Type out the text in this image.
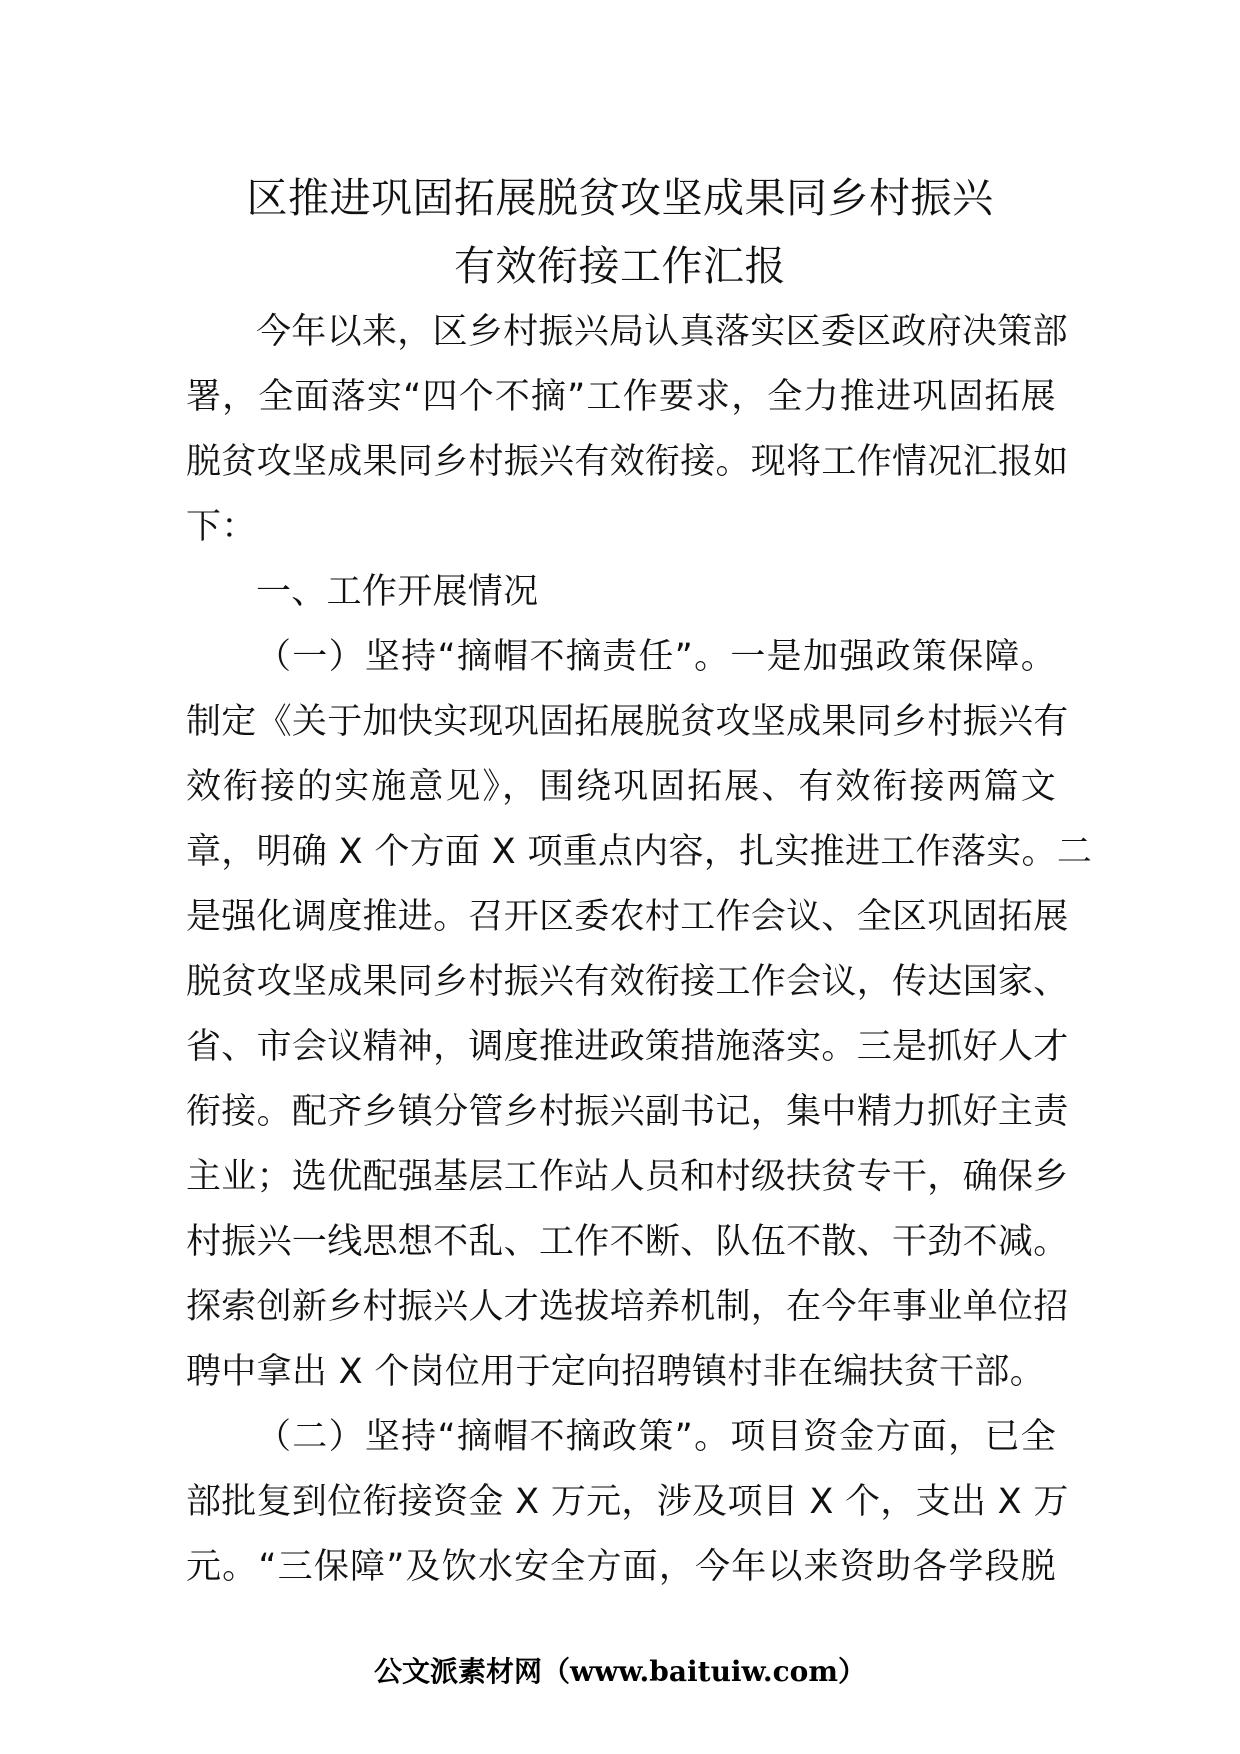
区推进巩固拓展脱贫攻坚成果同乡村振兴
有效衔接工作汇报
今年以来，区乡村振兴局认真落实区委区政府决策部
署，全面落实“四个不摘”工作要求，全力推进巩固拓展
脱贫攻坚成果同乡村振兴有效衔接。现将工作情况汇报如
下：
一、工作开展情况
（一）坚持“摘帽不摘责任”。一是加强政策保障。
制定《关于加快实现巩固拓展脱贫攻坚成果同乡村振兴有
效衔接的实施意见》，围绕巩固拓展、有效衔接两篇文
章，明确 X 个方面 X 项重点内容，扎实推进工作落实。二
是强化调度推进。召开区委农村工作会议、全区巩固拓展
脱贫攻坚成果同乡村振兴有效衔接工作会议，传达国家、
省、市会议精神，调度推进政策措施落实。三是抓好人才
衔接。配齐乡镇分管乡村振兴副书记，集中精力抓好主责
主业；选优配强基层工作站人员和村级扶贫专干，确保乡
村振兴一线思想不乱、工作不断、队伍不散、干劲不减。
探索创新乡村振兴人才选拔培养机制，在今年事业单位招
聘中拿出 X 个岗位用于定向招聘镇村非在编扶贫干部。
（二）坚持“摘帽不摘政策”。项目资金方面，已全
部批复到位衔接资金 X 万元，涉及项目 X 个，支出 X 万
元。“三保障”及饮水安全方面，今年以来资助各学段脱
公文派素材网（www.baituiw.com）
